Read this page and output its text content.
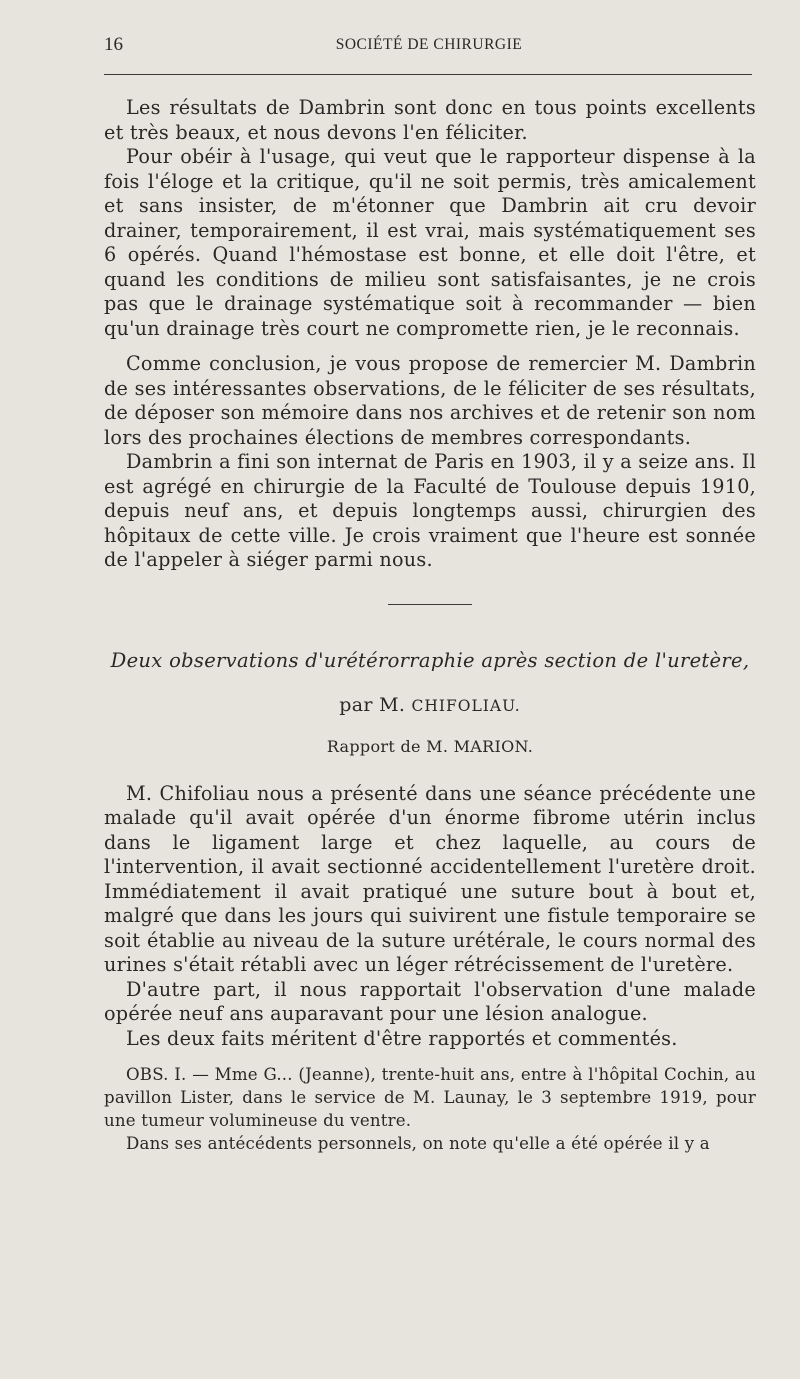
16	SOCIÉTÉ DE CHIRURGIE

Les résultats de Dambrin sont donc en tous points excellents et très beaux, et nous devons l'en féliciter.

Pour obéir à l'usage, qui veut que le rapporteur dispense à la fois l'éloge et la critique, qu'il ne soit permis, très amicalement et sans insister, de m'étonner que Dambrin ait cru devoir drainer, temporairement, il est vrai, mais systématiquement ses 6 opérés. Quand l'hémostase est bonne, et elle doit l'être, et quand les conditions de milieu sont satisfaisantes, je ne crois pas que le drainage systématique soit à recommander — bien qu'un drainage très court ne compromette rien, je le reconnais.

Comme conclusion, je vous propose de remercier M. Dambrin de ses intéressantes observations, de le féliciter de ses résultats, de déposer son mémoire dans nos archives et de retenir son nom lors des prochaines élections de membres correspondants.

Dambrin a fini son internat de Paris en 1903, il y a seize ans. Il est agrégé en chirurgie de la Faculté de Toulouse depuis 1910, depuis neuf ans, et depuis longtemps aussi, chirurgien des hôpitaux de cette ville. Je crois vraiment que l'heure est sonnée de l'appeler à siéger parmi nous.

Deux observations d'urétérorraphie après section de l'uretère,
par M. CHIFOLIAU.
Rapport de M. MARION.

M. Chifoliau nous a présenté dans une séance précédente une malade qu'il avait opérée d'un énorme fibrome utérin inclus dans le ligament large et chez laquelle, au cours de l'intervention, il avait sectionné accidentellement l'uretère droit. Immédiatement il avait pratiqué une suture bout à bout et, malgré que dans les jours qui suivirent une fistule temporaire se soit établie au niveau de la suture urétérale, le cours normal des urines s'était rétabli avec un léger rétrécissement de l'uretère.

D'autre part, il nous rapportait l'observation d'une malade opérée neuf ans auparavant pour une lésion analogue.

Les deux faits méritent d'être rapportés et commentés.

OBS. I. — Mme G... (Jeanne), trente-huit ans, entre à l'hôpital Cochin, au pavillon Lister, dans le service de M. Launay, le 3 septembre 1919, pour une tumeur volumineuse du ventre.

Dans ses antécédents personnels, on note qu'elle a été opérée il y a
